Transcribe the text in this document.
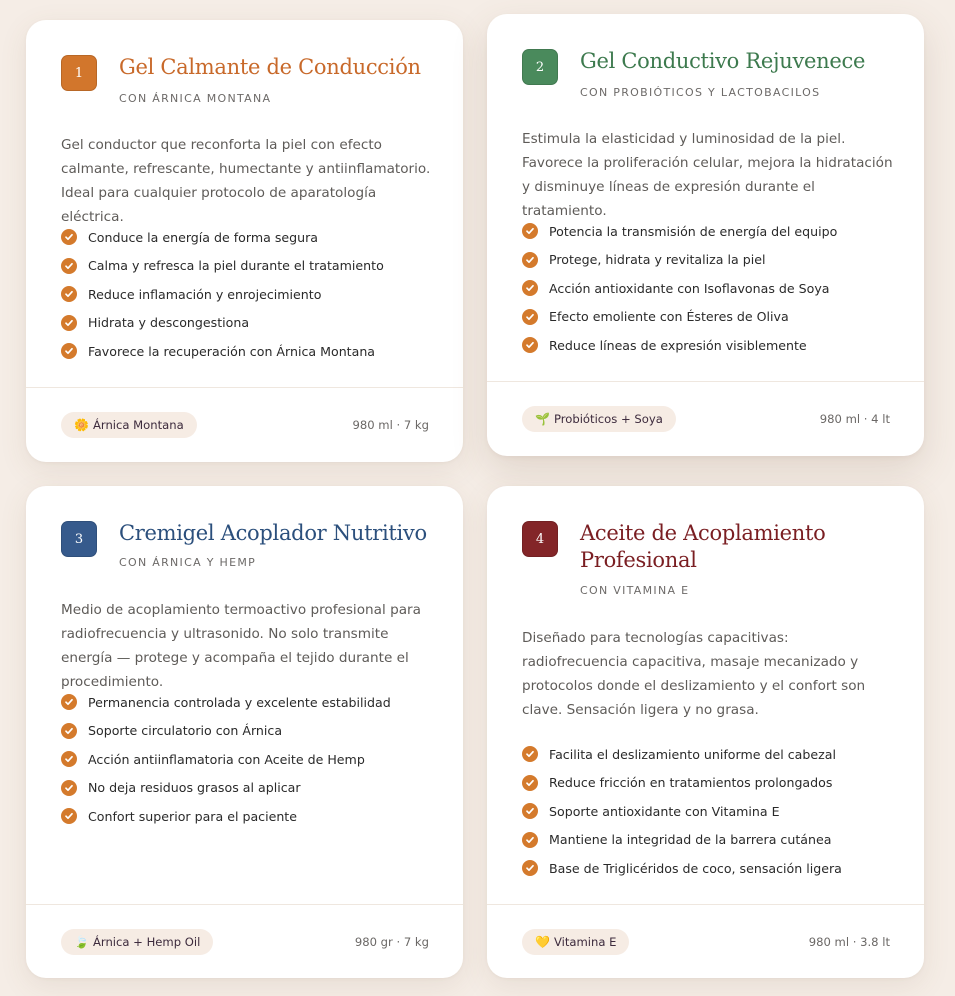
1	Gel Calmante de Conducción
CON ÁRNICA MONTANA

Gel conductor que reconforta la piel con efecto calmante, refrescante, humectante y antiinflamatorio. Ideal para cualquier protocolo de aparatología eléctrica.

Conduce la energía de forma segura
Calma y refresca la piel durante el tratamiento
Reduce inflamación y enrojecimiento
Hidrata y descongestiona
Favorece la recuperación con Árnica Montana
🌼 Árnica Montana	980 ml · 7 kg
2	Gel Conductivo Rejuvenece
CON PROBIÓTICOS Y LACTOBACILOS

Estimula la elasticidad y luminosidad de la piel. Favorece la proliferación celular, mejora la hidratación y disminuye líneas de expresión durante el tratamiento.

Potencia la transmisión de energía del equipo
Protege, hidrata y revitaliza la piel
Acción antioxidante con Isoflavonas de Soya
Efecto emoliente con Ésteres de Oliva
Reduce líneas de expresión visiblemente
🌱 Probióticos + Soya	980 ml · 4 lt
3	Cremigel Acoplador Nutritivo
CON ÁRNICA Y HEMP

Medio de acoplamiento termoactivo profesional para radiofrecuencia y ultrasonido. No solo transmite energía — protege y acompaña el tejido durante el procedimiento.

Permanencia controlada y excelente estabilidad
Soporte circulatorio con Árnica
Acción antiinflamatoria con Aceite de Hemp
No deja residuos grasos al aplicar
Confort superior para el paciente
🍃 Árnica + Hemp Oil	980 gr · 7 kg
4	Aceite de Acoplamiento Profesional
CON VITAMINA E

Diseñado para tecnologías capacitivas: radiofrecuencia capacitiva, masaje mecanizado y protocolos donde el deslizamiento y el confort son clave. Sensación ligera y no grasa.

Facilita el deslizamiento uniforme del cabezal
Reduce fricción en tratamientos prolongados
Soporte antioxidante con Vitamina E
Mantiene la integridad de la barrera cutánea
Base de Triglicéridos de coco, sensación ligera
💛 Vitamina E	980 ml · 3.8 lt
